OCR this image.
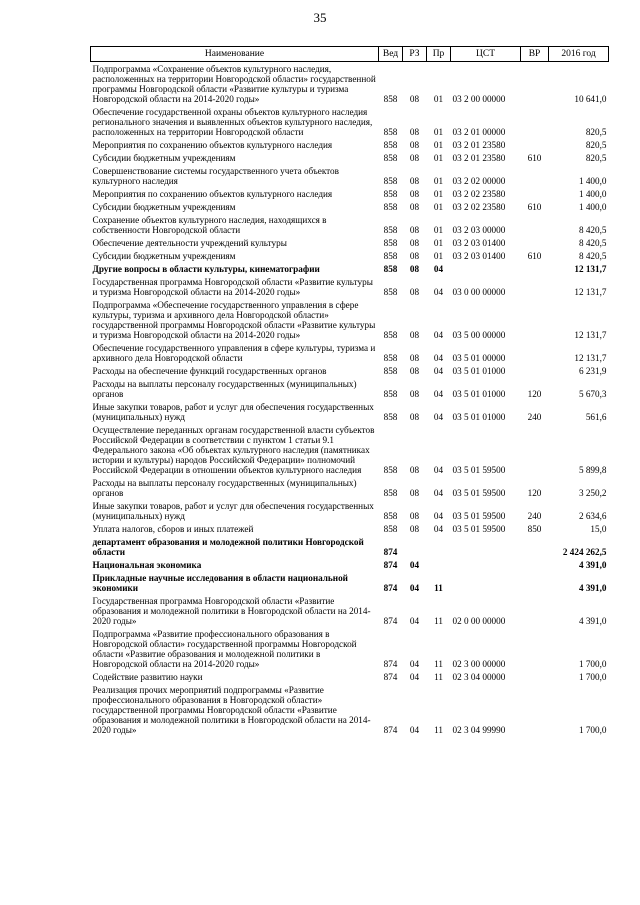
35
Наименование	Вед	РЗ	Пр	ЦСТ	ВР	2016 год
Подпрограмма «Сохранение объектов культурного наследия, расположенных на территории Новгородской области» государственной программы Новгородской области «Развитие культуры и туризма Новгородской области на 2014-2020 годы»	858	08	01	03 2 00 00000		10 641,0
Обеспечение государственной охраны объектов культурного наследия регионального значения и выявленных объектов культурного наследия, расположенных на территории Новгородской области	858	08	01	03 2 01 00000		820,5
Мероприятия по сохранению объектов культурного наследия	858	08	01	03 2 01 23580		820,5
Субсидии бюджетным учреждениям	858	08	01	03 2 01 23580	610	820,5
Совершенствование системы государственного учета объектов культурного наследия	858	08	01	03 2 02 00000		1 400,0
Мероприятия по сохранению объектов культурного наследия	858	08	01	03 2 02 23580		1 400,0
Субсидии бюджетным учреждениям	858	08	01	03 2 02 23580	610	1 400,0
Сохранение объектов культурного наследия, находящихся в собственности Новгородской области	858	08	01	03 2 03 00000		8 420,5
Обеспечение деятельности учреждений культуры	858	08	01	03 2 03 01400		8 420,5
Субсидии бюджетным учреждениям	858	08	01	03 2 03 01400	610	8 420,5
Другие вопросы в области культуры, кинематографии	858	08	04			12 131,7
Государственная программа Новгородской области «Развитие культуры и туризма Новгородской области на 2014-2020 годы»	858	08	04	03 0 00 00000		12 131,7
Подпрограмма «Обеспечение государственного управления в сфере культуры, туризма и архивного дела Новгородской области» государственной программы Новгородской области «Развитие культуры и туризма Новгородской области на 2014-2020 годы»	858	08	04	03 5 00 00000		12 131,7
Обеспечение государственного управления в сфере культуры, туризма и архивного дела Новгородской области	858	08	04	03 5 01 00000		12 131,7
Расходы на обеспечение функций государственных органов	858	08	04	03 5 01 01000		6 231,9
Расходы на выплаты персоналу государственных (муниципальных) органов	858	08	04	03 5 01 01000	120	5 670,3
Иные закупки товаров, работ и услуг для обеспечения государственных (муниципальных) нужд	858	08	04	03 5 01 01000	240	561,6
Осуществление переданных органам государственной власти субъектов Российской Федерации в соответствии с пунктом 1 статьи 9.1 Федерального закона «Об объектах культурного наследия (памятниках истории и культуры) народов Российской Федерации» полномочий Российской Федерации в отношении объектов культурного наследия	858	08	04	03 5 01 59500		5 899,8
Расходы на выплаты персоналу государственных (муниципальных) органов	858	08	04	03 5 01 59500	120	3 250,2
Иные закупки товаров, работ и услуг для обеспечения государственных (муниципальных) нужд	858	08	04	03 5 01 59500	240	2 634,6
Уплата налогов, сборов и иных платежей	858	08	04	03 5 01 59500	850	15,0
департамент образования и молодежной политики Новгородской области	874					2 424 262,5
Национальная экономика	874	04				4 391,0
Прикладные научные исследования в области национальной экономики	874	04	11			4 391,0
Государственная программа Новгородской области «Развитие образования и молодежной политики в Новгородской области на 2014-2020 годы»	874	04	11	02 0 00 00000		4 391,0
Подпрограмма «Развитие профессионального образования в Новгородской области» государственной программы Новгородской области «Развитие образования и молодежной политики в Новгородской области на 2014-2020 годы»	874	04	11	02 3 00 00000		1 700,0
Содействие развитию науки	874	04	11	02 3 04 00000		1 700,0
Реализация прочих мероприятий подпрограммы «Развитие профессионального образования в Новгородской области» государственной программы Новгородской области «Развитие образования и молодежной политики в Новгородской области на 2014-2020 годы»	874	04	11	02 3 04 99990		1 700,0
